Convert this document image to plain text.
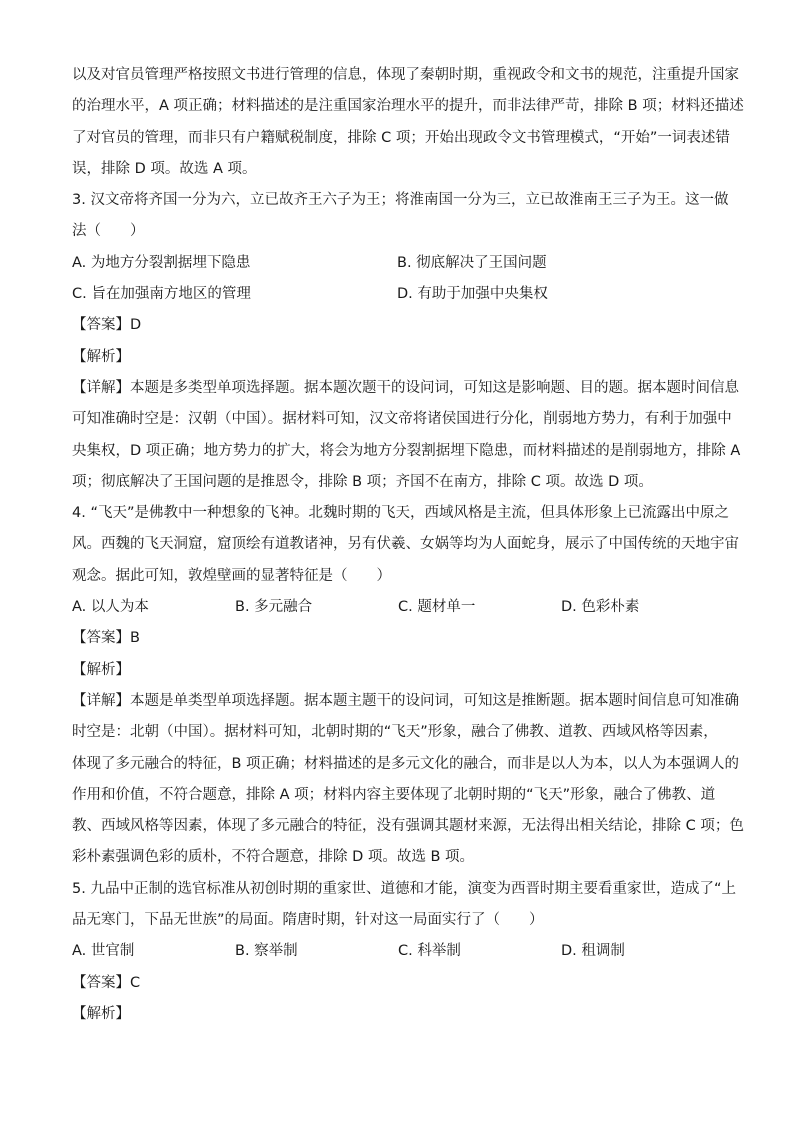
以及对官员管理严格按照文书进行管理的信息，体现了秦朝时期，重视政令和文书的规范，注重提升国家
的治理水平，A 项正确；材料描述的是注重国家治理水平的提升，而非法律严苛，排除 B 项；材料还描述
了对官员的管理，而非只有户籍赋税制度，排除 C 项；开始出现政令文书管理模式，“开始”一词表述错
误，排除 D 项。故选 A 项。
3. 汉文帝将齐国一分为六，立已故齐王六子为王；将淮南国一分为三，立已故淮南王三子为王。这一做
法（　　）
A. 为地方分裂割据埋下隐患	B. 彻底解决了王国问题
C. 旨在加强南方地区的管理	D. 有助于加强中央集权
【答案】D
【解析】
【详解】本题是多类型单项选择题。据本题次题干的设问词，可知这是影响题、目的题。据本题时间信息
可知准确时空是：汉朝（中国）。据材料可知，汉文帝将诸侯国进行分化，削弱地方势力，有利于加强中
央集权，D 项正确；地方势力的扩大，将会为地方分裂割据埋下隐患，而材料描述的是削弱地方，排除 A
项；彻底解决了王国问题的是推恩令，排除 B 项；齐国不在南方，排除 C 项。故选 D 项。
4. “飞天”是佛教中一种想象的飞神。北魏时期的飞天，西域风格是主流，但具体形象上已流露出中原之
风。西魏的飞天洞窟，窟顶绘有道教诸神，另有伏羲、女娲等均为人面蛇身，展示了中国传统的天地宇宙
观念。据此可知，敦煌壁画的显著特征是（　　）
A. 以人为本	B. 多元融合	C. 题材单一	D. 色彩朴素
【答案】B
【解析】
【详解】本题是单类型单项选择题。据本题主题干的设问词，可知这是推断题。据本题时间信息可知准确
时空是：北朝（中国）。据材料可知，北朝时期的“飞天”形象，融合了佛教、道教、西域风格等因素，
体现了多元融合的特征，B 项正确；材料描述的是多元文化的融合，而非是以人为本，以人为本强调人的
作用和价值，不符合题意，排除 A 项；材料内容主要体现了北朝时期的“飞天”形象，融合了佛教、道
教、西域风格等因素，体现了多元融合的特征，没有强调其题材来源，无法得出相关结论，排除 C 项；色
彩朴素强调色彩的质朴，不符合题意，排除 D 项。故选 B 项。
5. 九品中正制的选官标准从初创时期的重家世、道德和才能，演变为西晋时期主要看重家世，造成了“上
品无寒门，下品无世族”的局面。隋唐时期，针对这一局面实行了（　　）
A. 世官制	B. 察举制	C. 科举制	D. 租调制
【答案】C
【解析】
